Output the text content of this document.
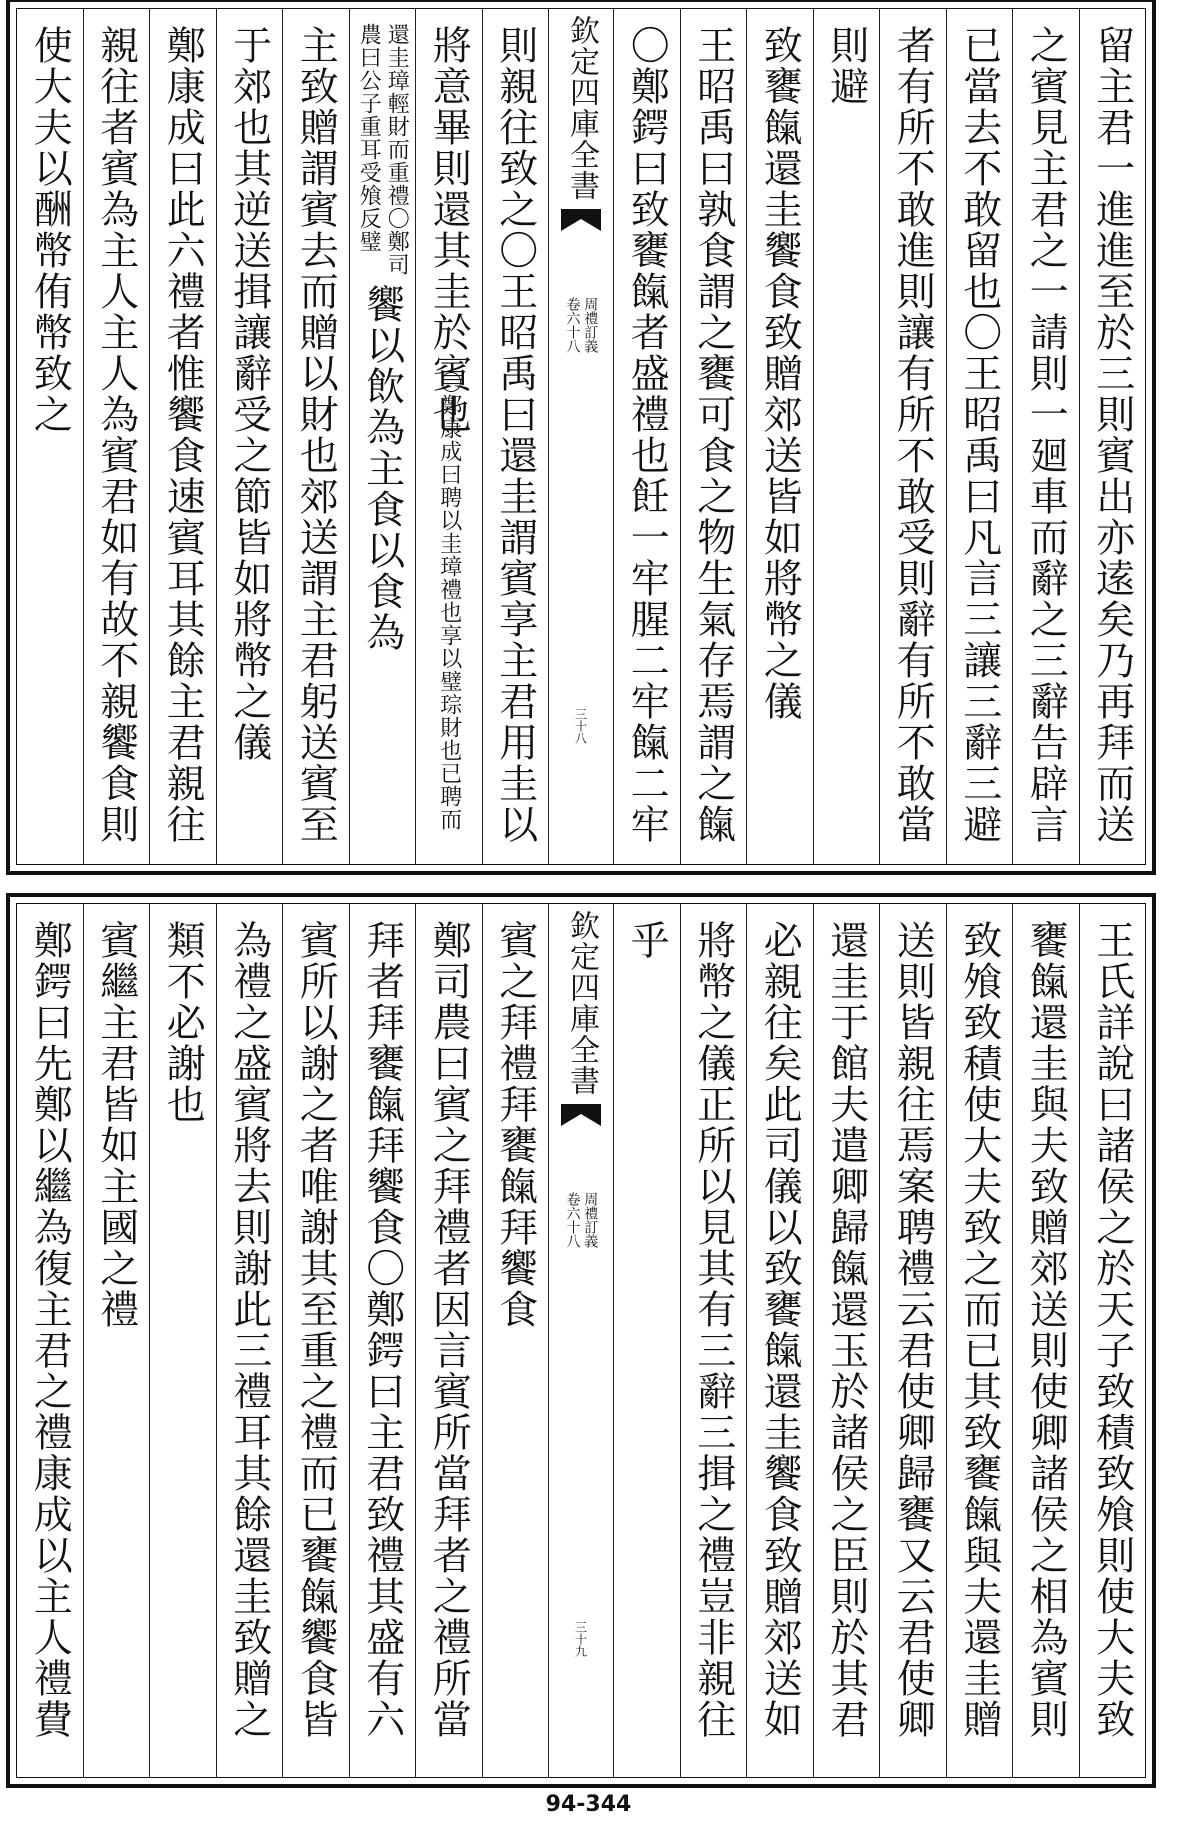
留主君一進進至於三則賓出亦逺矣乃再拜而送
之賓見主君之一請則一廻車而辭之三辭告辟言
已當去不敢留也〇王昭禹曰凡言三讓三辭三避
者有所不敢進則讓有所不敢受則辭有所不敢當
則避
致饔餼還圭饗食致贈郊送皆如將幣之儀
王昭禹曰孰食謂之饔可食之物生氣存焉謂之餼
〇鄭鍔曰致饔餼者盛禮也飪一牢腥二牢餼二牢
欽定四庫全書
周禮訂義
卷六十八
三十八
則親往致之〇王昭禹曰還圭謂賓享主君用圭以
將意畢則還其圭於賓也
〇鄭康成曰聘以圭璋禮也享以璧琮財也已聘而
還圭璋輕財而重禮〇鄭司
農曰公子重耳受飧反璧
饗以飲為主食以食為
主致贈謂賓去而贈以財也郊送謂主君躬送賓至
于郊也其逆送揖讓辭受之節皆如將幣之儀
鄭康成曰此六禮者惟饗食速賓耳其餘主君親往
親往者賓為主人主人為賓君如有故不親饗食則
使大夫以酬幣侑幣致之
王氏詳說曰諸侯之於天子致積致飧則使大夫致
饔餼還圭與夫致贈郊送則使卿諸侯之相為賓則
致飧致積使大夫致之而已其致饔餼與夫還圭贈
送則皆親往焉案聘禮云君使卿歸饔又云君使卿
還圭于館夫遣卿歸餼還玉於諸侯之臣則於其君
必親往矣此司儀以致饔餼還圭饗食致贈郊送如
將幣之儀正所以見其有三辭三揖之禮豈非親往
乎
欽定四庫全書
周禮訂義
卷六十八
三十九
賓之拜禮拜饔餼拜饗食
鄭司農曰賓之拜禮者因言賓所當拜者之禮所當
拜者拜饔餼拜饗食〇鄭鍔曰主君致禮其盛有六
賓所以謝之者唯謝其至重之禮而已饔餼饗食皆
為禮之盛賓將去則謝此三禮耳其餘還圭致贈之
類不必謝也
賓繼主君皆如主國之禮
鄭鍔曰先鄭以繼為復主君之禮康成以主人禮費
94-344
